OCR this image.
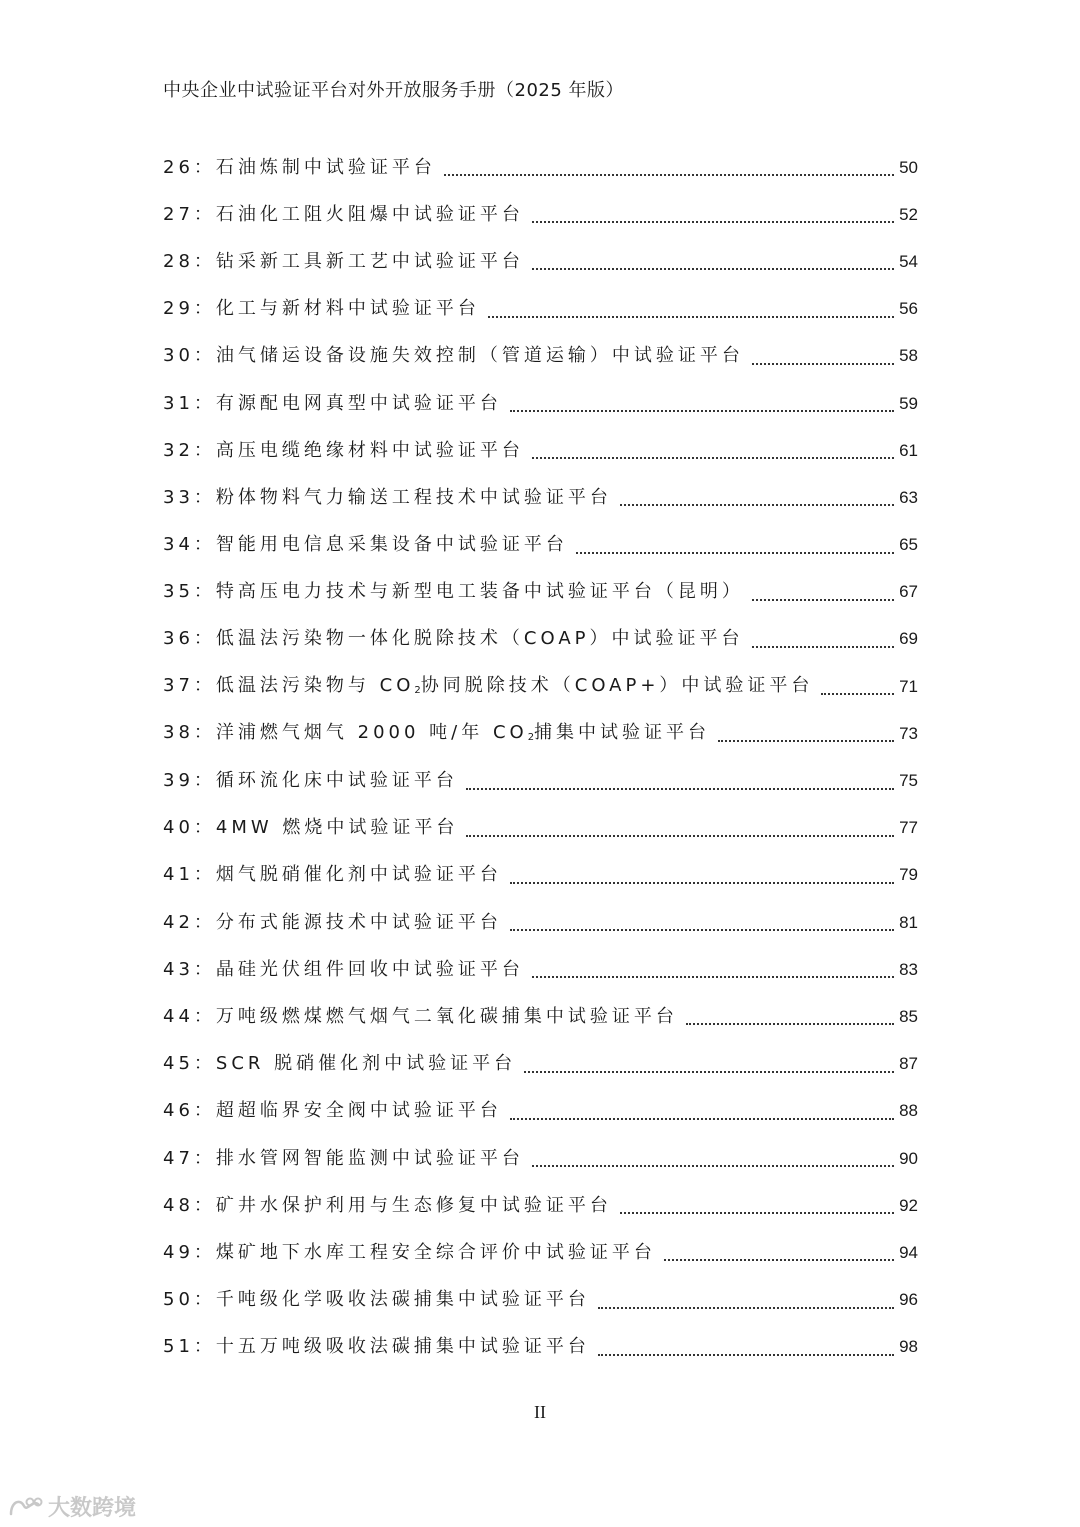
中央企业中试验证平台对外开放服务手册（2025 年版）
26：石油炼制中试验证平台	50
27：石油化工阻火阻爆中试验证平台	52
28：钻采新工具新工艺中试验证平台	54
29：化工与新材料中试验证平台	56
30：油气储运设备设施失效控制（管道运输）中试验证平台	58
31：有源配电网真型中试验证平台	59
32：高压电缆绝缘材料中试验证平台	61
33：粉体物料气力输送工程技术中试验证平台	63
34：智能用电信息采集设备中试验证平台	65
35：特高压电力技术与新型电工装备中试验证平台（昆明）	67
36：低温法污染物一体化脱除技术（COAP）中试验证平台	69
37：低温法污染物与 $CO_2$协同脱除技术（COAP+）中试验证平台	71
38：洋浦燃气烟气 2000 吨/年 $CO_2$捕集中试验证平台	73
39：循环流化床中试验证平台	75
40：4MW 燃烧中试验证平台	77
41：烟气脱硝催化剂中试验证平台	79
42：分布式能源技术中试验证平台	81
43：晶硅光伏组件回收中试验证平台	83
44：万吨级燃煤燃气烟气二氧化碳捕集中试验证平台	85
45：SCR 脱硝催化剂中试验证平台	87
46：超超临界安全阀中试验证平台	88
47：排水管网智能监测中试验证平台	90
48：矿井水保护利用与生态修复中试验证平台	92
49：煤矿地下水库工程安全综合评价中试验证平台	94
50：千吨级化学吸收法碳捕集中试验证平台	96
51：十五万吨级吸收法碳捕集中试验证平台	98
II
大数跨境
